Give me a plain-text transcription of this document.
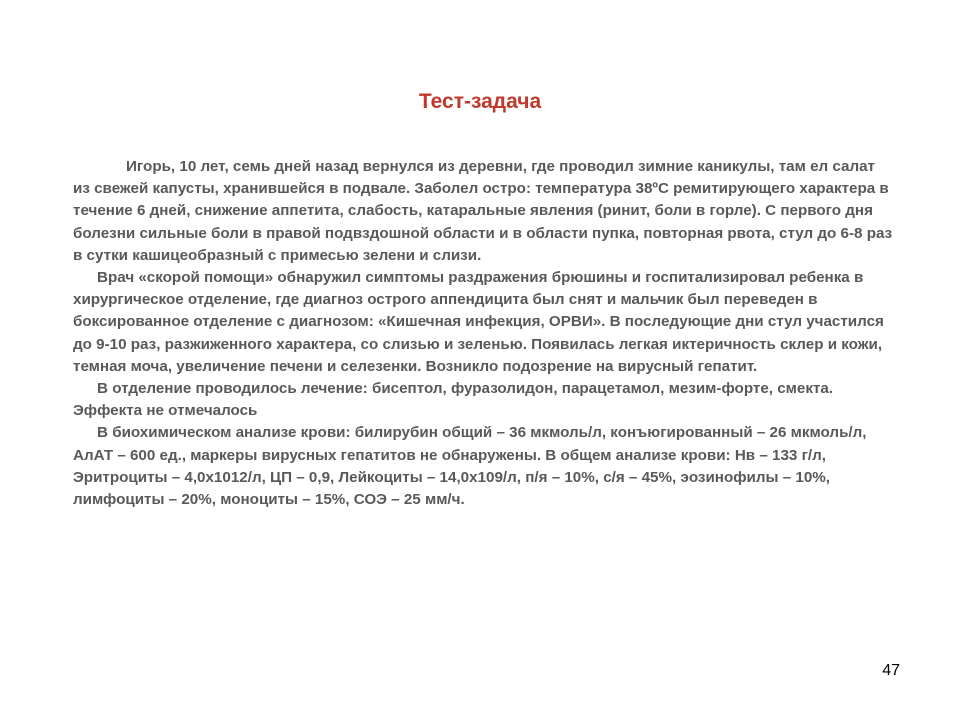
Тест-задача

Игорь, 10 лет, семь дней назад вернулся из деревни, где проводил зимние каникулы, там ел салат из свежей капусты, хранившейся в подвале. Заболел остро: температура 38ºС ремитирующего характера в течение 6 дней, снижение аппетита, слабость, катаральные явления (ринит, боли в горле). С первого дня болезни сильные боли в правой подвздошной области и в области пупка, повторная рвота, стул до 6-8 раз в сутки кашицеобразный с примесью зелени и слизи.

Врач «скорой помощи» обнаружил симптомы раздражения брюшины и госпитализировал ребенка в хирургическое отделение, где диагноз острого аппендицита был снят и мальчик был переведен в боксированное отделение с диагнозом: «Кишечная инфекция, ОРВИ». В последующие дни стул участился до 9-10 раз, разжиженного характера, со слизью и зеленью. Появилась легкая иктеричность склер и кожи, темная моча, увеличение печени и селезенки. Возникло подозрение на вирусный гепатит.

В отделение проводилось лечение: бисептол, фуразолидон, парацетамол, мезим-форте, смекта. Эффекта не отмечалось

В биохимическом анализе крови: билирубин общий – 36 мкмоль/л, конъюгированный – 26 мкмоль/л, АлАТ – 600 ед., маркеры вирусных гепатитов не обнаружены. В общем анализе крови: Нв – 133 г/л, Эритроциты – 4,0х1012/л, ЦП – 0,9, Лейкоциты – 14,0х109/л, п/я – 10%, с/я – 45%, эозинофилы – 10%, лимфоциты – 20%, моноциты – 15%, СОЭ – 25 мм/ч.

47
